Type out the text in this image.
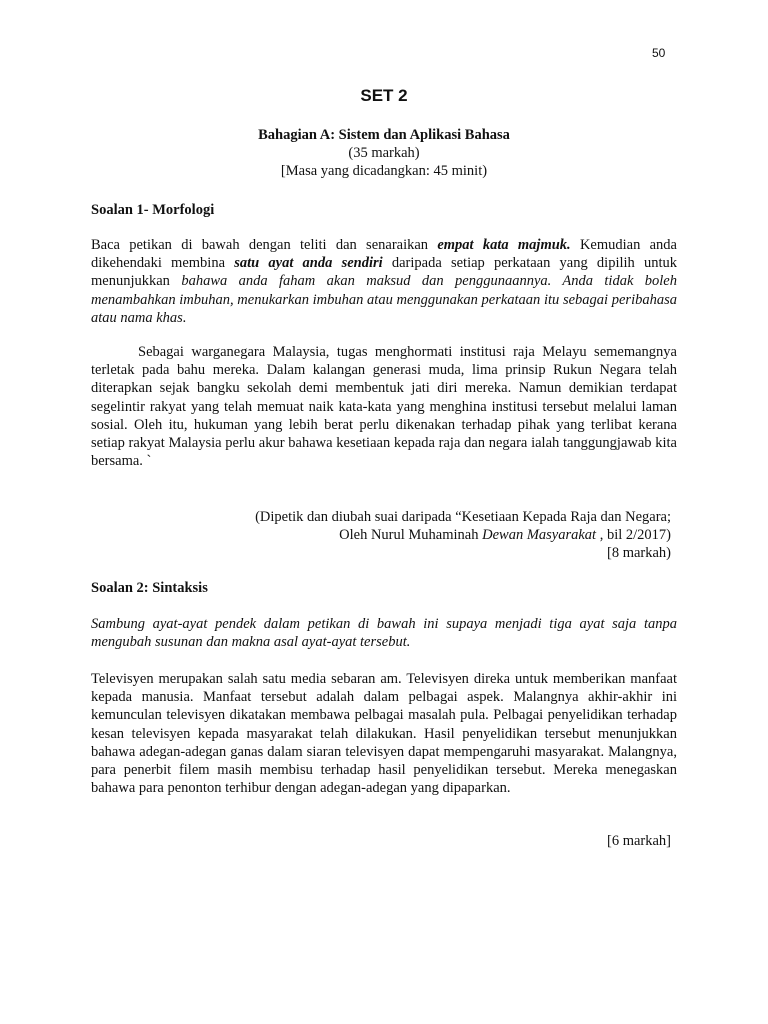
50
SET 2
Bahagian A: Sistem dan Aplikasi Bahasa
(35 markah)
[Masa yang dicadangkan: 45 minit)
Soalan 1- Morfologi

Baca petikan di bawah dengan teliti dan senaraikan empat kata majmuk. Kemudian anda dikehendaki membina satu ayat anda sendiri daripada setiap perkataan yang dipilih untuk menunjukkan bahawa anda faham akan maksud dan penggunaannya. Anda tidak boleh menambahkan imbuhan, menukarkan imbuhan atau menggunakan perkataan itu sebagai peribahasa atau nama khas.

Sebagai warganegara Malaysia, tugas menghormati institusi raja Melayu sememangnya terletak pada bahu mereka. Dalam kalangan generasi muda, lima prinsip Rukun Negara telah diterapkan sejak bangku sekolah demi membentuk jati diri mereka. Namun demikian terdapat segelintir rakyat yang telah memuat naik kata-kata yang menghina institusi tersebut melalui laman sosial. Oleh itu, hukuman yang lebih berat perlu dikenakan terhadap pihak yang terlibat kerana setiap rakyat Malaysia perlu akur bahawa kesetiaan kepada raja dan negara ialah tanggungjawab kita bersama. `

(Dipetik dan diubah suai daripada “Kesetiaan Kepada Raja dan Negara;
Oleh Nurul Muhaminah Dewan Masyarakat , bil 2/2017)
[8 markah)
Soalan 2: Sintaksis

Sambung ayat-ayat pendek dalam petikan di bawah ini supaya menjadi tiga ayat saja tanpa mengubah susunan dan makna asal ayat-ayat tersebut.

Televisyen merupakan salah satu media sebaran am. Televisyen direka untuk memberikan manfaat kepada manusia. Manfaat tersebut adalah dalam pelbagai aspek. Malangnya akhir-akhir ini kemunculan televisyen dikatakan membawa pelbagai masalah pula. Pelbagai penyelidikan terhadap kesan televisyen kepada masyarakat telah dilakukan. Hasil penyelidikan tersebut menunjukkan bahawa adegan-adegan ganas dalam siaran televisyen dapat mempengaruhi masyarakat. Malangnya, para penerbit filem masih membisu terhadap hasil penyelidikan tersebut. Mereka menegaskan bahawa para penonton terhibur dengan adegan-adegan yang dipaparkan.

[6 markah]
